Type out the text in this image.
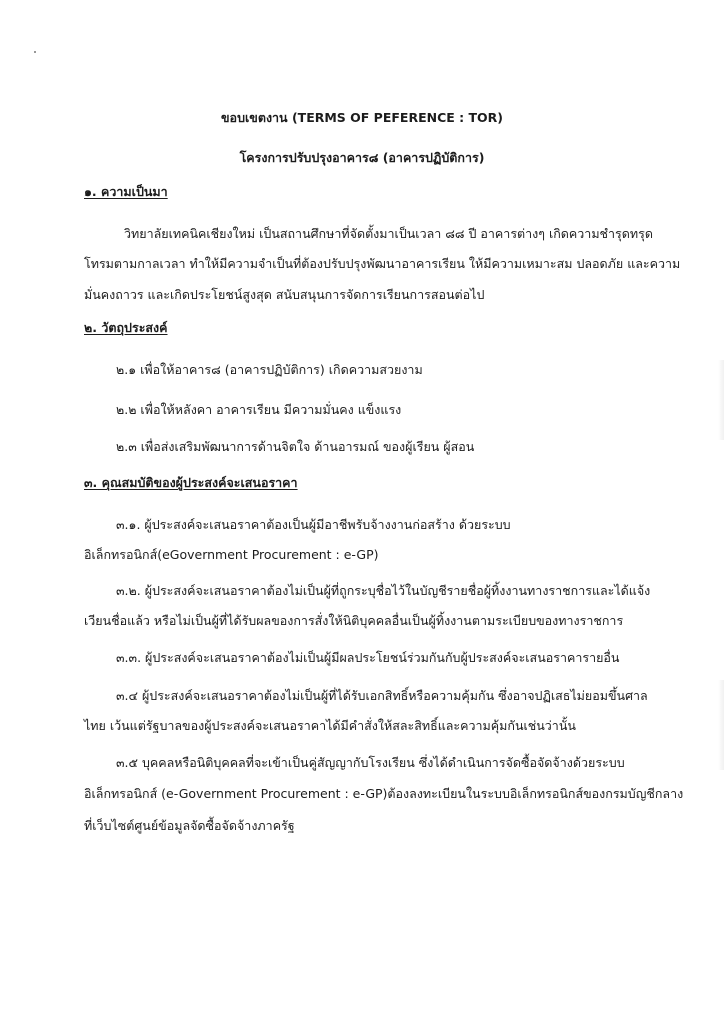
ขอบเขตงาน (TERMS OF PEFERENCE : TOR)
โครงการปรับปรุงอาคาร๘ (อาคารปฏิบัติการ)
๑. ความเป็นมา
วิทยาลัยเทคนิคเชียงใหม่ เป็นสถานศึกษาที่จัดตั้งมาเป็นเวลา ๘๘ ปี อาคารต่างๆ เกิดความชำรุดทรุด
โทรมตามกาลเวลา ทำให้มีความจำเป็นที่ต้องปรับปรุงพัฒนาอาคารเรียน ให้มีความเหมาะสม ปลอดภัย และความ
มั่นคงถาวร และเกิดประโยชน์สูงสุด สนับสนุนการจัดการเรียนการสอนต่อไป
๒. วัตถุประสงค์
๒.๑ เพื่อให้อาคาร๘ (อาคารปฏิบัติการ) เกิดความสวยงาม
๒.๒ เพื่อให้หลังคา อาคารเรียน มีความมั่นคง แข็งแรง
๒.๓ เพื่อส่งเสริมพัฒนาการด้านจิตใจ ด้านอารมณ์ ของผู้เรียน ผู้สอน
๓. คุณสมบัติของผู้ประสงค์จะเสนอราคา
๓.๑. ผู้ประสงค์จะเสนอราคาต้องเป็นผู้มีอาชีพรับจ้างงานก่อสร้าง ด้วยระบบ
อิเล็กทรอนิกส์(eGovernment Procurement : e-GP)
๓.๒. ผู้ประสงค์จะเสนอราคาต้องไม่เป็นผู้ที่ถูกระบุชื่อไว้ในบัญชีรายชื่อผู้ทิ้งงานทางราชการและได้แจ้ง
เวียนชื่อแล้ว หรือไม่เป็นผู้ที่ได้รับผลของการสั่งให้นิติบุคคลอื่นเป็นผู้ทิ้งงานตามระเบียบของทางราชการ
๓.๓. ผู้ประสงค์จะเสนอราคาต้องไม่เป็นผู้มีผลประโยชน์ร่วมกันกับผู้ประสงค์จะเสนอราคารายอื่น
๓.๔ ผู้ประสงค์จะเสนอราคาต้องไม่เป็นผู้ที่ได้รับเอกสิทธิ์หรือความคุ้มกัน ซึ่งอาจปฏิเสธไม่ยอมขึ้นศาล
ไทย เว้นแต่รัฐบาลของผู้ประสงค์จะเสนอราคาได้มีคำสั่งให้สละสิทธิ์และความคุ้มกันเช่นว่านั้น
๓.๕ บุคคลหรือนิติบุคคลที่จะเข้าเป็นคู่สัญญากับโรงเรียน ซึ่งได้ดำเนินการจัดซื้อจัดจ้างด้วยระบบ
อิเล็กทรอนิกส์ (e-Government Procurement : e-GP)ต้องลงทะเบียนในระบบอิเล็กทรอนิกส์ของกรมบัญชีกลาง
ที่เว็บไซต์ศูนย์ข้อมูลจัดซื้อจัดจ้างภาครัฐ
